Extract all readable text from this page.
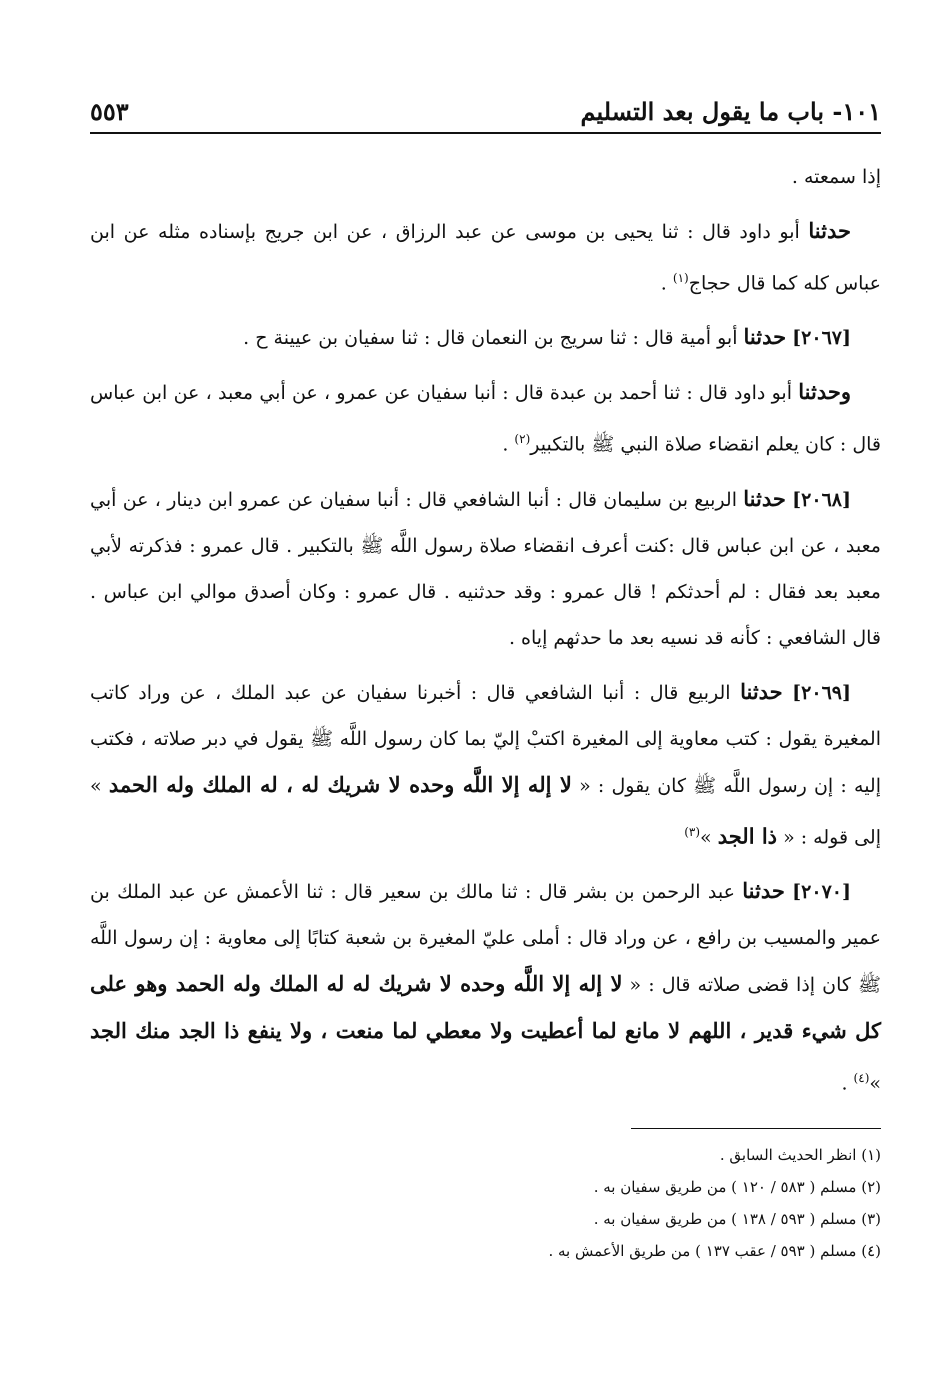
١٠١- باب ما يقول بعد التسليم
٥٥٣

إذا سمعته .

حدثنا أبو داود قال : ثنا يحيى بن موسى عن عبد الرزاق ، عن ابن جريج بإسناده مثله عن ابن عباس كله كما قال حجاج$^{(١)}$ .

[٢٠٦٧] حدثنا أبو أمية قال : ثنا سريج بن النعمان قال : ثنا سفيان بن عيينة ح .

وحدثنا أبو داود قال : ثنا أحمد بن عبدة قال : أنبا سفيان عن عمرو ، عن أبي معبد ، عن ابن عباس قال : كان يعلم انقضاء صلاة النبي ﷺ بالتكبير$^{(٢)}$ .

[٢٠٦٨] حدثنا الربيع بن سليمان قال : أنبا الشافعي قال : أنبا سفيان عن عمرو ابن دينار ، عن أبي معبد ، عن ابن عباس قال :كنت أعرف انقضاء صلاة رسول اللَّه ﷺ بالتكبير . قال عمرو : فذكرته لأبي معبد بعد فقال : لم أحدثكم ! قال عمرو : وقد حدثنيه . قال عمرو : وكان أصدق موالي ابن عباس . قال الشافعي : كأنه قد نسيه بعد ما حدثهم إياه .

[٢٠٦٩] حدثنا الربيع قال : أنبا الشافعي قال : أخبرنا سفيان عن عبد الملك ، عن وراد كاتب المغيرة يقول : كتب معاوية إلى المغيرة اكتبْ إليّ بما كان رسول اللَّه ﷺ يقول في دبر صلاته ، فكتب إليه : إن رسول اللَّه ﷺ كان يقول : « لا إله إلا اللَّه وحده لا شريك له ، له الملك وله الحمد » إلى قوله : « ذا الجد »$^{(٣)}$

[٢٠٧٠] حدثنا عبد الرحمن بن بشر قال : ثنا مالك بن سعير قال : ثنا الأعمش عن عبد الملك بن عمير والمسيب بن رافع ، عن وراد قال : أملى عليّ المغيرة بن شعبة كتابًا إلى معاوية : إن رسول اللَّه ﷺ كان إذا قضى صلاته قال : « لا إله إلا اللَّه وحده لا شريك له له الملك وله الحمد وهو على كل شيء قدير ، اللهم لا مانع لما أعطيت ولا معطي لما منعت ، ولا ينفع ذا الجد منك الجد »$^{(٤)}$ .

(١) انظر الحديث السابق .

(٢) مسلم ( ٥٨٣ / ١٢٠ ) من طريق سفيان به .

(٣) مسلم ( ٥٩٣ / ١٣٨ ) من طريق سفيان به .

(٤) مسلم ( ٥٩٣ / عقب ١٣٧ ) من طريق الأعمش به .
